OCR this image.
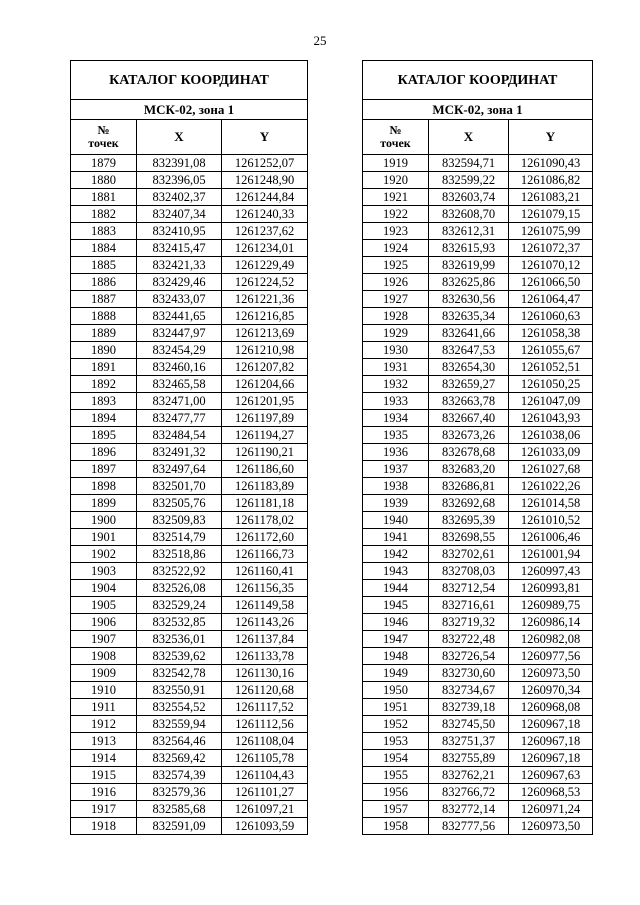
25
КАТАЛОГ КООРДИНАТ		
МСК-02, зона 1		
№
точек	X	Y
1879	832391,08	1261252,07
1880	832396,05	1261248,90
1881	832402,37	1261244,84
1882	832407,34	1261240,33
1883	832410,95	1261237,62
1884	832415,47	1261234,01
1885	832421,33	1261229,49
1886	832429,46	1261224,52
1887	832433,07	1261221,36
1888	832441,65	1261216,85
1889	832447,97	1261213,69
1890	832454,29	1261210,98
1891	832460,16	1261207,82
1892	832465,58	1261204,66
1893	832471,00	1261201,95
1894	832477,77	1261197,89
1895	832484,54	1261194,27
1896	832491,32	1261190,21
1897	832497,64	1261186,60
1898	832501,70	1261183,89
1899	832505,76	1261181,18
1900	832509,83	1261178,02
1901	832514,79	1261172,60
1902	832518,86	1261166,73
1903	832522,92	1261160,41
1904	832526,08	1261156,35
1905	832529,24	1261149,58
1906	832532,85	1261143,26
1907	832536,01	1261137,84
1908	832539,62	1261133,78
1909	832542,78	1261130,16
1910	832550,91	1261120,68
1911	832554,52	1261117,52
1912	832559,94	1261112,56
1913	832564,46	1261108,04
1914	832569,42	1261105,78
1915	832574,39	1261104,43
1916	832579,36	1261101,27
1917	832585,68	1261097,21
1918	832591,09	1261093,59
КАТАЛОГ КООРДИНАТ		
МСК-02, зона 1		
№
точек	X	Y
1919	832594,71	1261090,43
1920	832599,22	1261086,82
1921	832603,74	1261083,21
1922	832608,70	1261079,15
1923	832612,31	1261075,99
1924	832615,93	1261072,37
1925	832619,99	1261070,12
1926	832625,86	1261066,50
1927	832630,56	1261064,47
1928	832635,34	1261060,63
1929	832641,66	1261058,38
1930	832647,53	1261055,67
1931	832654,30	1261052,51
1932	832659,27	1261050,25
1933	832663,78	1261047,09
1934	832667,40	1261043,93
1935	832673,26	1261038,06
1936	832678,68	1261033,09
1937	832683,20	1261027,68
1938	832686,81	1261022,26
1939	832692,68	1261014,58
1940	832695,39	1261010,52
1941	832698,55	1261006,46
1942	832702,61	1261001,94
1943	832708,03	1260997,43
1944	832712,54	1260993,81
1945	832716,61	1260989,75
1946	832719,32	1260986,14
1947	832722,48	1260982,08
1948	832726,54	1260977,56
1949	832730,60	1260973,50
1950	832734,67	1260970,34
1951	832739,18	1260968,08
1952	832745,50	1260967,18
1953	832751,37	1260967,18
1954	832755,89	1260967,18
1955	832762,21	1260967,63
1956	832766,72	1260968,53
1957	832772,14	1260971,24
1958	832777,56	1260973,50
